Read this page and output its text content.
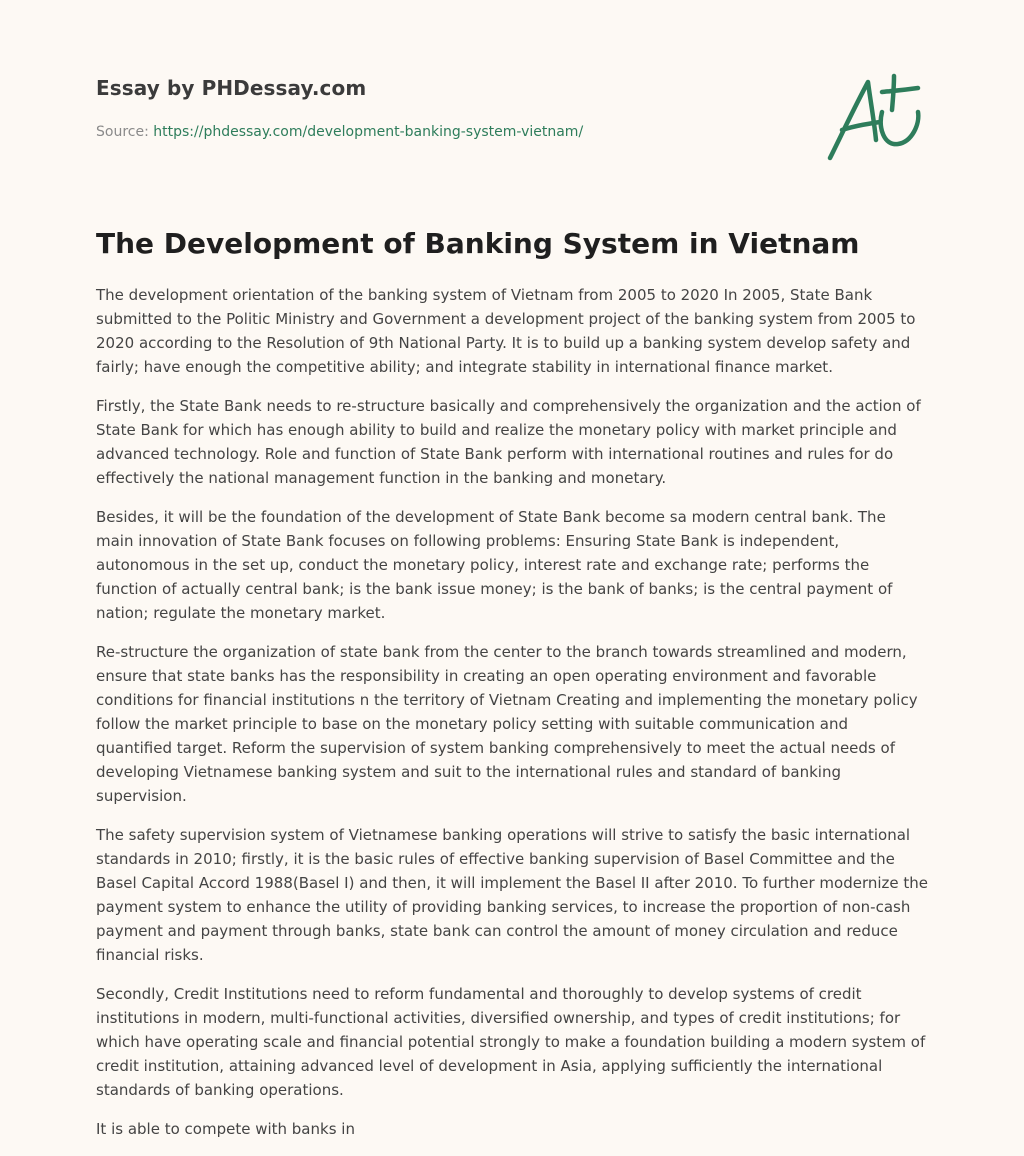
Essay by PHDessay.com
Source: https://phdessay.com/development-banking-system-vietnam/
The Development of Banking System in Vietnam

The development orientation of the banking system of Vietnam from 2005 to 2020 In 2005, State Bank submitted to the Politic Ministry and Government a development project of the banking system from 2005 to 2020 according to the Resolution of 9th National Party. It is to build up a banking system develop safety and fairly; have enough the competitive ability; and integrate stability in international finance market.

Firstly, the State Bank needs to re-structure basically and comprehensively the organization and the action of State Bank for which has enough ability to build and realize the monetary policy with market principle and advanced technology. Role and function of State Bank perform with international routines and rules for do effectively the national management function in the banking and monetary.

Besides, it will be the foundation of the development of State Bank become sa modern central bank. The main innovation of State Bank focuses on following problems: Ensuring State Bank is independent, autonomous in the set up, conduct the monetary policy, interest rate and exchange rate; performs the function of actually central bank; is the bank issue money; is the bank of banks; is the central payment of nation; regulate the monetary market.

Re-structure the organization of state bank from the center to the branch towards streamlined and modern, ensure that state banks has the responsibility in creating an open operating environment and favorable conditions for financial institutions n the territory of Vietnam Creating and implementing the monetary policy follow the market principle to base on the monetary policy setting with suitable communication and quantified target. Reform the supervision of system banking comprehensively to meet the actual needs of developing Vietnamese banking system and suit to the international rules and standard of banking supervision.

The safety supervision system of Vietnamese banking operations will strive to satisfy the basic international standards in 2010; firstly, it is the basic rules of effective banking supervision of Basel Committee and the Basel Capital Accord 1988(Basel I) and then, it will implement the Basel II after 2010. To further modernize the payment system to enhance the utility of providing banking services, to increase the proportion of non-cash payment and payment through banks, state bank can control the amount of money circulation and reduce financial risks.

Secondly, Credit Institutions need to reform fundamental and thoroughly to develop systems of credit institutions in modern, multi-functional activities, diversified ownership, and types of credit institutions; for which have operating scale and financial potential strongly to make a foundation building a modern system of credit institution, attaining advanced level of development in Asia, applying sufficiently the international standards of banking operations.

It is able to compete with banks in
